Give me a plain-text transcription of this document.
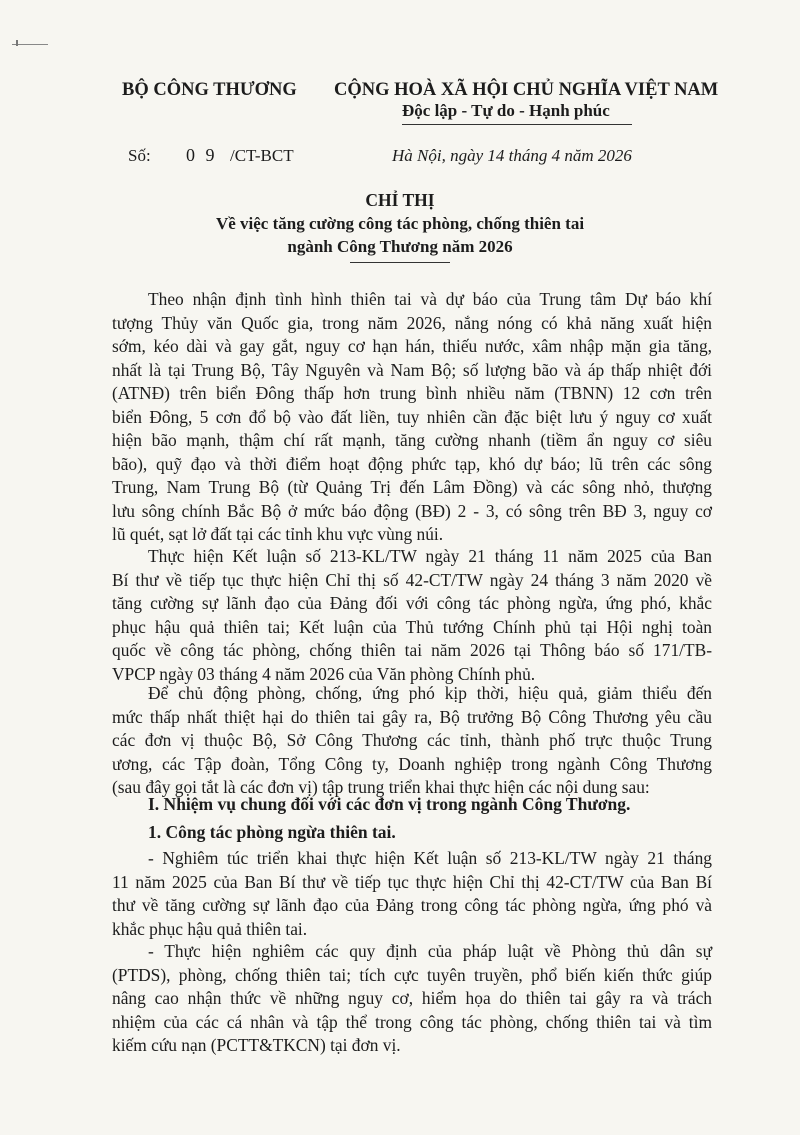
BỘ CÔNG THƯƠNG CỘNG HOÀ XÃ HỘI CHỦ NGHĨA VIỆT NAM
Độc lập - Tự do - Hạnh phúc
Số: 0 9 /CT-BCT	Hà Nội, ngày 14 tháng 4 năm 2026
CHỈ THỊ
Về việc tăng cường công tác phòng, chống thiên tai
ngành Công Thương năm 2026
Theo nhận định tình hình thiên tai và dự báo của Trung tâm Dự báo khí
tượng Thủy văn Quốc gia, trong năm 2026, nắng nóng có khả năng xuất hiện
sớm, kéo dài và gay gắt, nguy cơ hạn hán, thiếu nước, xâm nhập mặn gia tăng,
nhất là tại Trung Bộ, Tây Nguyên và Nam Bộ; số lượng bão và áp thấp nhiệt đới
(ATNĐ) trên biển Đông thấp hơn trung bình nhiều năm (TBNN) 12 cơn trên
biển Đông, 5 cơn đổ bộ vào đất liền, tuy nhiên cần đặc biệt lưu ý nguy cơ xuất
hiện bão mạnh, thậm chí rất mạnh, tăng cường nhanh (tiềm ẩn nguy cơ siêu
bão), quỹ đạo và thời điểm hoạt động phức tạp, khó dự báo; lũ trên các sông
Trung, Nam Trung Bộ (từ Quảng Trị đến Lâm Đồng) và các sông nhỏ, thượng
lưu sông chính Bắc Bộ ở mức báo động (BĐ) 2 - 3, có sông trên BĐ 3, nguy cơ
lũ quét, sạt lở đất tại các tỉnh khu vực vùng núi.
Thực hiện Kết luận số 213-KL/TW ngày 21 tháng 11 năm 2025 của Ban
Bí thư về tiếp tục thực hiện Chỉ thị số 42-CT/TW ngày 24 tháng 3 năm 2020 về
tăng cường sự lãnh đạo của Đảng đối với công tác phòng ngừa, ứng phó, khắc
phục hậu quả thiên tai; Kết luận của Thủ tướng Chính phủ tại Hội nghị toàn
quốc về công tác phòng, chống thiên tai năm 2026 tại Thông báo số 171/TB-
VPCP ngày 03 tháng 4 năm 2026 của Văn phòng Chính phủ.
Để chủ động phòng, chống, ứng phó kịp thời, hiệu quả, giảm thiểu đến
mức thấp nhất thiệt hại do thiên tai gây ra, Bộ trưởng Bộ Công Thương yêu cầu
các đơn vị thuộc Bộ, Sở Công Thương các tỉnh, thành phố trực thuộc Trung
ương, các Tập đoàn, Tổng Công ty, Doanh nghiệp trong ngành Công Thương
(sau đây gọi tắt là các đơn vị) tập trung triển khai thực hiện các nội dung sau:
I. Nhiệm vụ chung đối với các đơn vị trong ngành Công Thương.
1. Công tác phòng ngừa thiên tai.
- Nghiêm túc triển khai thực hiện Kết luận số 213-KL/TW ngày 21 tháng
11 năm 2025 của Ban Bí thư về tiếp tục thực hiện Chỉ thị 42-CT/TW của Ban Bí
thư về tăng cường sự lãnh đạo của Đảng trong công tác phòng ngừa, ứng phó và
khắc phục hậu quả thiên tai.
- Thực hiện nghiêm các quy định của pháp luật về Phòng thủ dân sự
(PTDS), phòng, chống thiên tai; tích cực tuyên truyền, phổ biến kiến thức giúp
nâng cao nhận thức về những nguy cơ, hiểm họa do thiên tai gây ra và trách
nhiệm của các cá nhân và tập thể trong công tác phòng, chống thiên tai và tìm
kiếm cứu nạn (PCTT&TKCN) tại đơn vị.
